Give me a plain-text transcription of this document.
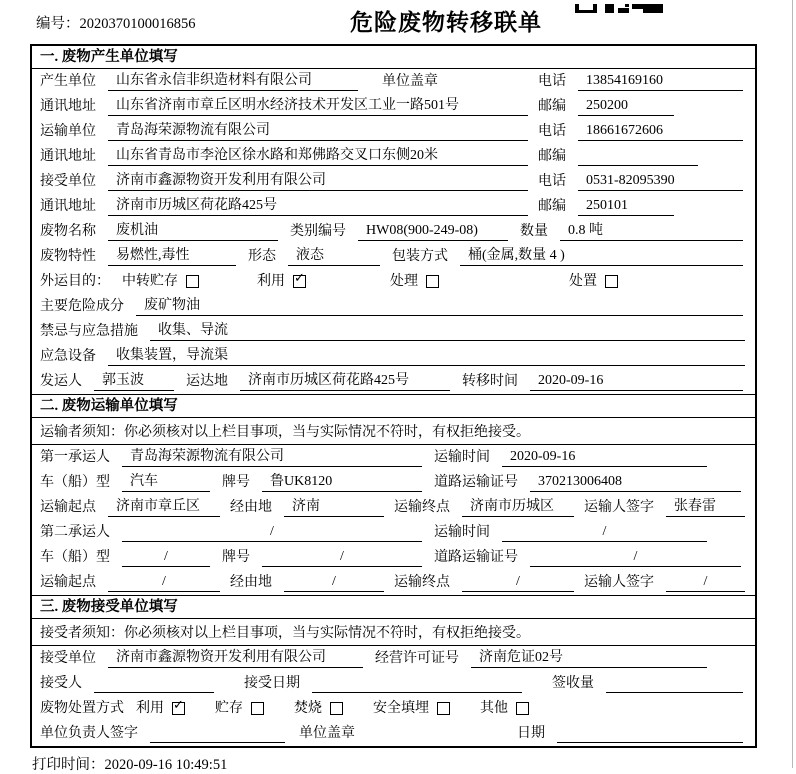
编号：2020370100016856	危险废物转移联单
一. 废物产生单位填写
产生单位	山东省永信非织造材料有限公司	单位盖章	电话	13854169160
通讯地址	山东省济南市章丘区明水经济技术开发区工业一路501号	邮编	250200
运输单位	青岛海荣源物流有限公司	电话	18661672606
通讯地址	山东省青岛市李沧区徐水路和郑佛路交叉口东侧20米	邮编
接受单位	济南市鑫源物资开发利用有限公司	电话	0531-82095390
通讯地址	济南市历城区荷花路425号	邮编	250101
废物名称	废机油	类别编号	HW08(900-249-08)	数量	0.8 吨
废物特性	易燃性,毒性	形态	液态	包装方式	桶(金属,数量 4 )
外运目的： 中转贮存	利用 ✓	处理	处置
主要危险成分	废矿物油
禁忌与应急措施	收集、导流
应急设备	收集装置，导流渠
发运人	郭玉波	运达地	济南市历城区荷花路425号	转移时间	2020-09-16
二. 废物运输单位填写
运输者须知：你必须核对以上栏目事项，当与实际情况不符时，有权拒绝接受。
第一承运人	青岛海荣源物流有限公司	运输时间	2020-09-16
车（船）型	汽车	牌号	鲁UK8120	道路运输证号	370213006408
运输起点	济南市章丘区	经由地	济南	运输终点	济南市历城区	运输人签字	张春雷
第二承运人	/	运输时间	/
车（船）型	/	牌号	/	道路运输证号	/
运输起点	/	经由地	/	运输终点	/	运输人签字	/
三. 废物接受单位填写
接受者须知：你必须核对以上栏目事项，当与实际情况不符时，有权拒绝接受。
接受单位	济南市鑫源物资开发利用有限公司	经营许可证号	济南危证02号
接受人	接受日期	签收量
废物处置方式 利用 ✓ 贮存	焚烧	安全填埋	其他
单位负责人签字	单位盖章	日期
打印时间：2020-09-16 10:49:51
